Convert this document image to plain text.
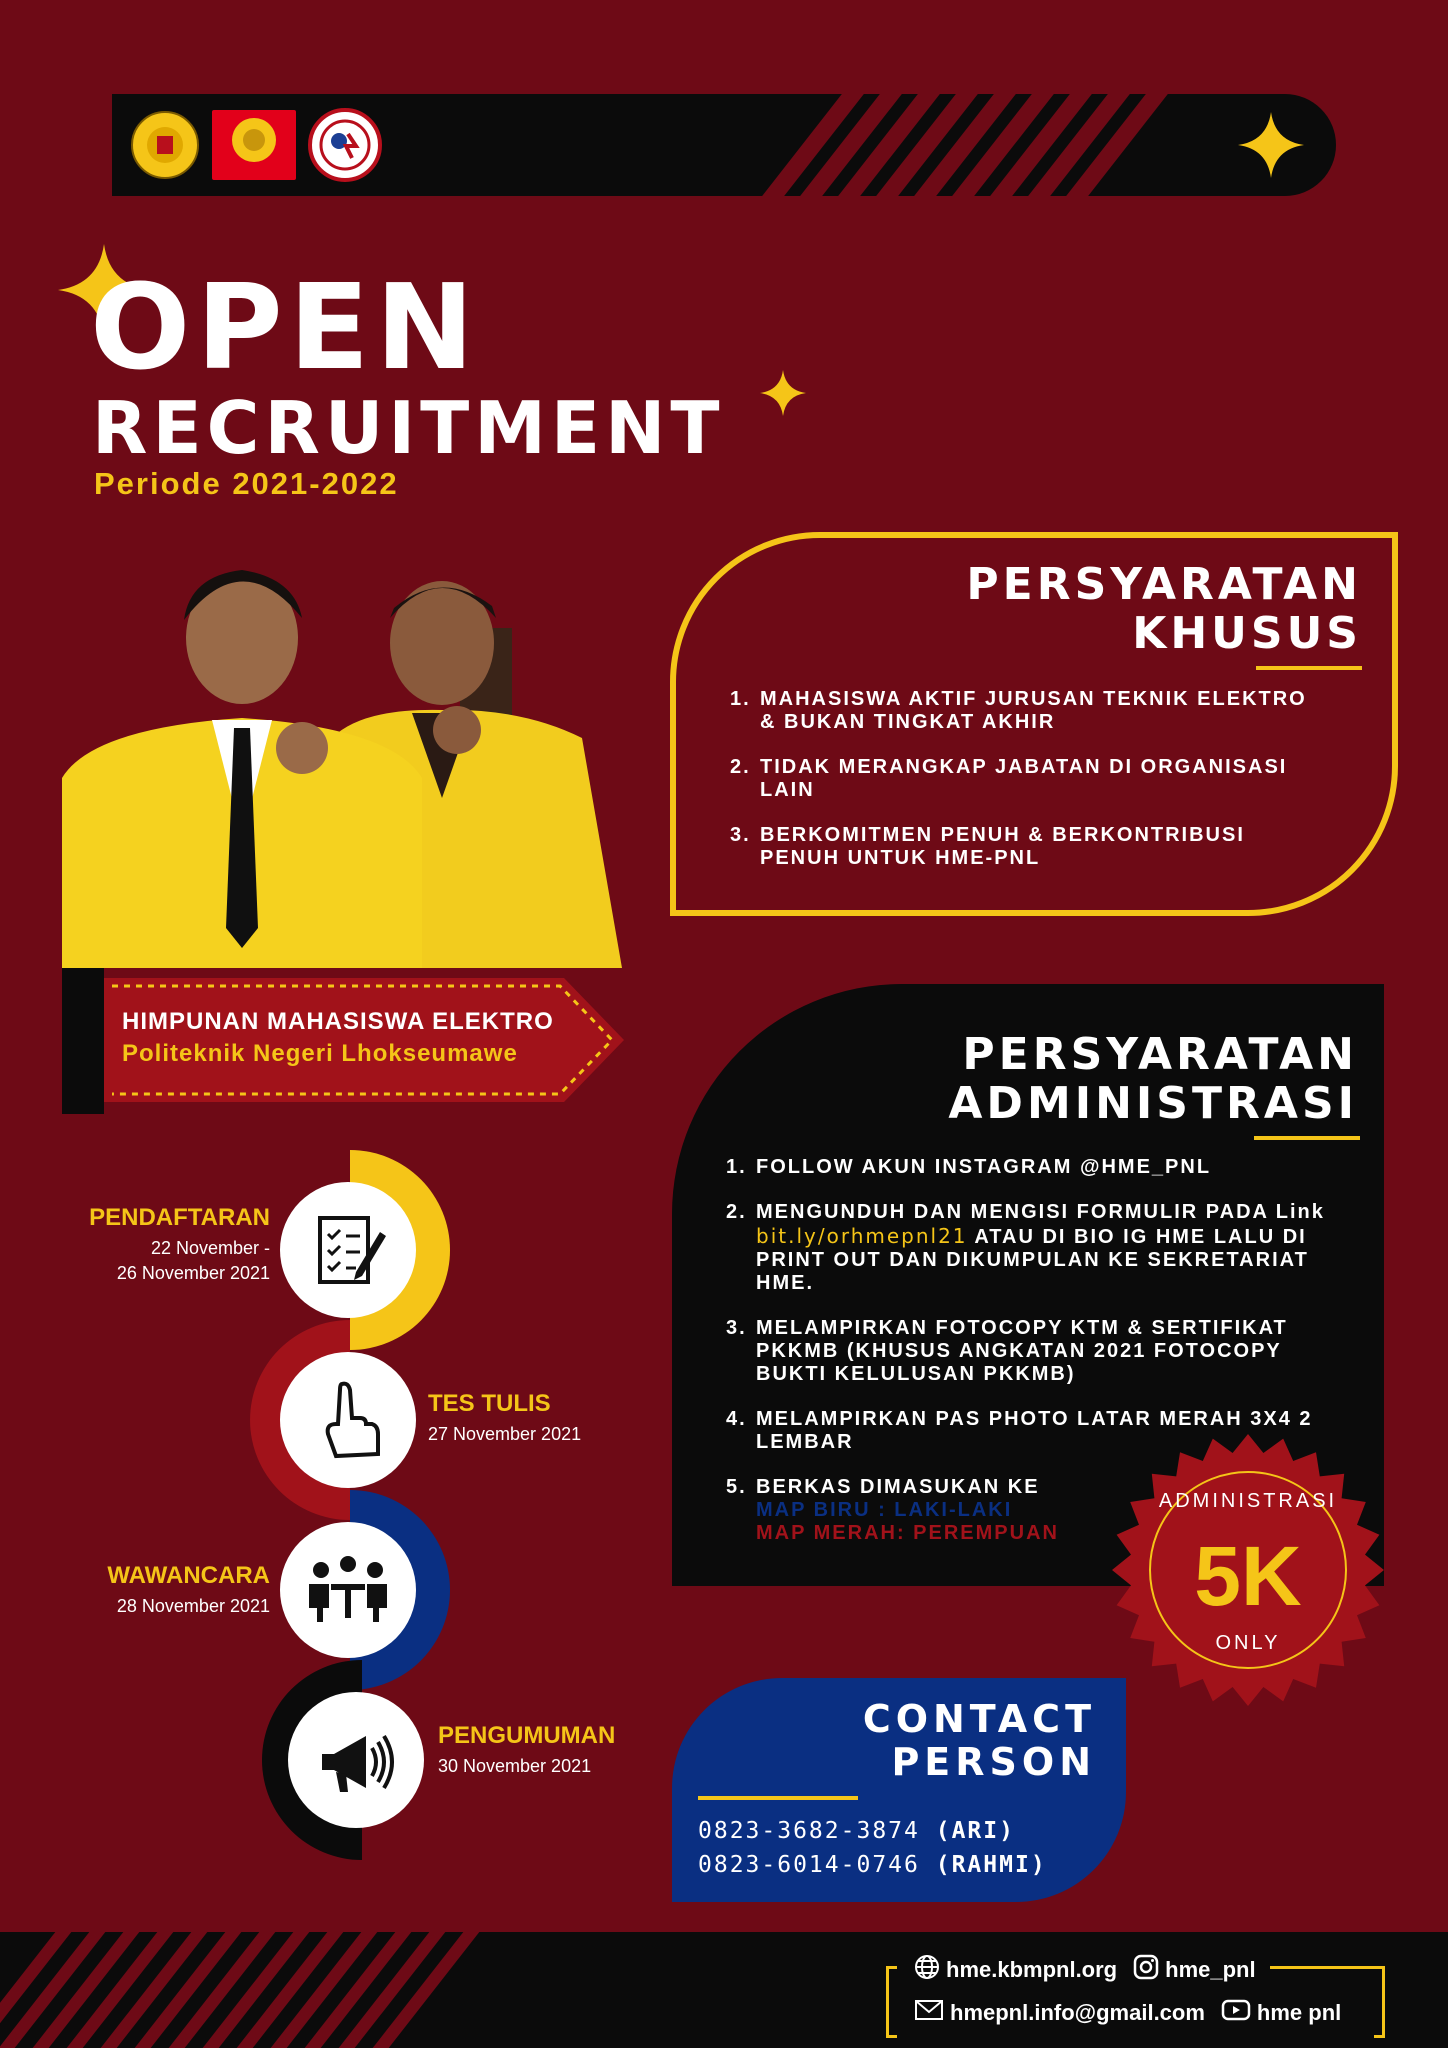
OPEN
RECRUITMENT
Periode 2021-2022
HIMPUNAN MAHASISWA ELEKTRO
Politeknik Negeri Lhokseumawe
PERSYARATAN
KHUSUS
1. MAHASISWA AKTIF JURUSAN TEKNIK ELEKTRO & BUKAN TINGKAT AKHIR
2. TIDAK MERANGKAP JABATAN DI ORGANISASI LAIN
3. BERKOMITMEN PENUH & BERKONTRIBUSI PENUH UNTUK HME-PNL
PERSYARATAN
ADMINISTRASI
1. FOLLOW AKUN INSTAGRAM @HME_PNL
2. MENGUNDUH DAN MENGISI FORMULIR PADA Link bit.ly/orhmepnl21 ATAU DI BIO IG HME LALU DI PRINT OUT DAN DIKUMPULAN KE SEKRETARIAT HME.
3. MELAMPIRKAN FOTOCOPY KTM & SERTIFIKAT PKKMB (KHUSUS ANGKATAN 2021 FOTOCOPY BUKTI KELULUSAN PKKMB)
4. MELAMPIRKAN PAS PHOTO LATAR MERAH 3X4 2 LEMBAR
5. BERKAS DIMASUKAN KE
MAP BIRU : LAKI-LAKI
MAP MERAH: PEREMPUAN
ADMINISTRASI
5K
ONLY
PENDAFTARAN
22 November -
26 November 2021
TES TULIS
27 November 2021
WAWANCARA
28 November 2021
PENGUMUMAN
30 November 2021
CONTACT
PERSON
0823-3682-3874 (ARI)
0823-6014-0746 (RAHMI)
hme.kbmpnl.org hme_pnl
hmepnl.info@gmail.com hme pnl
